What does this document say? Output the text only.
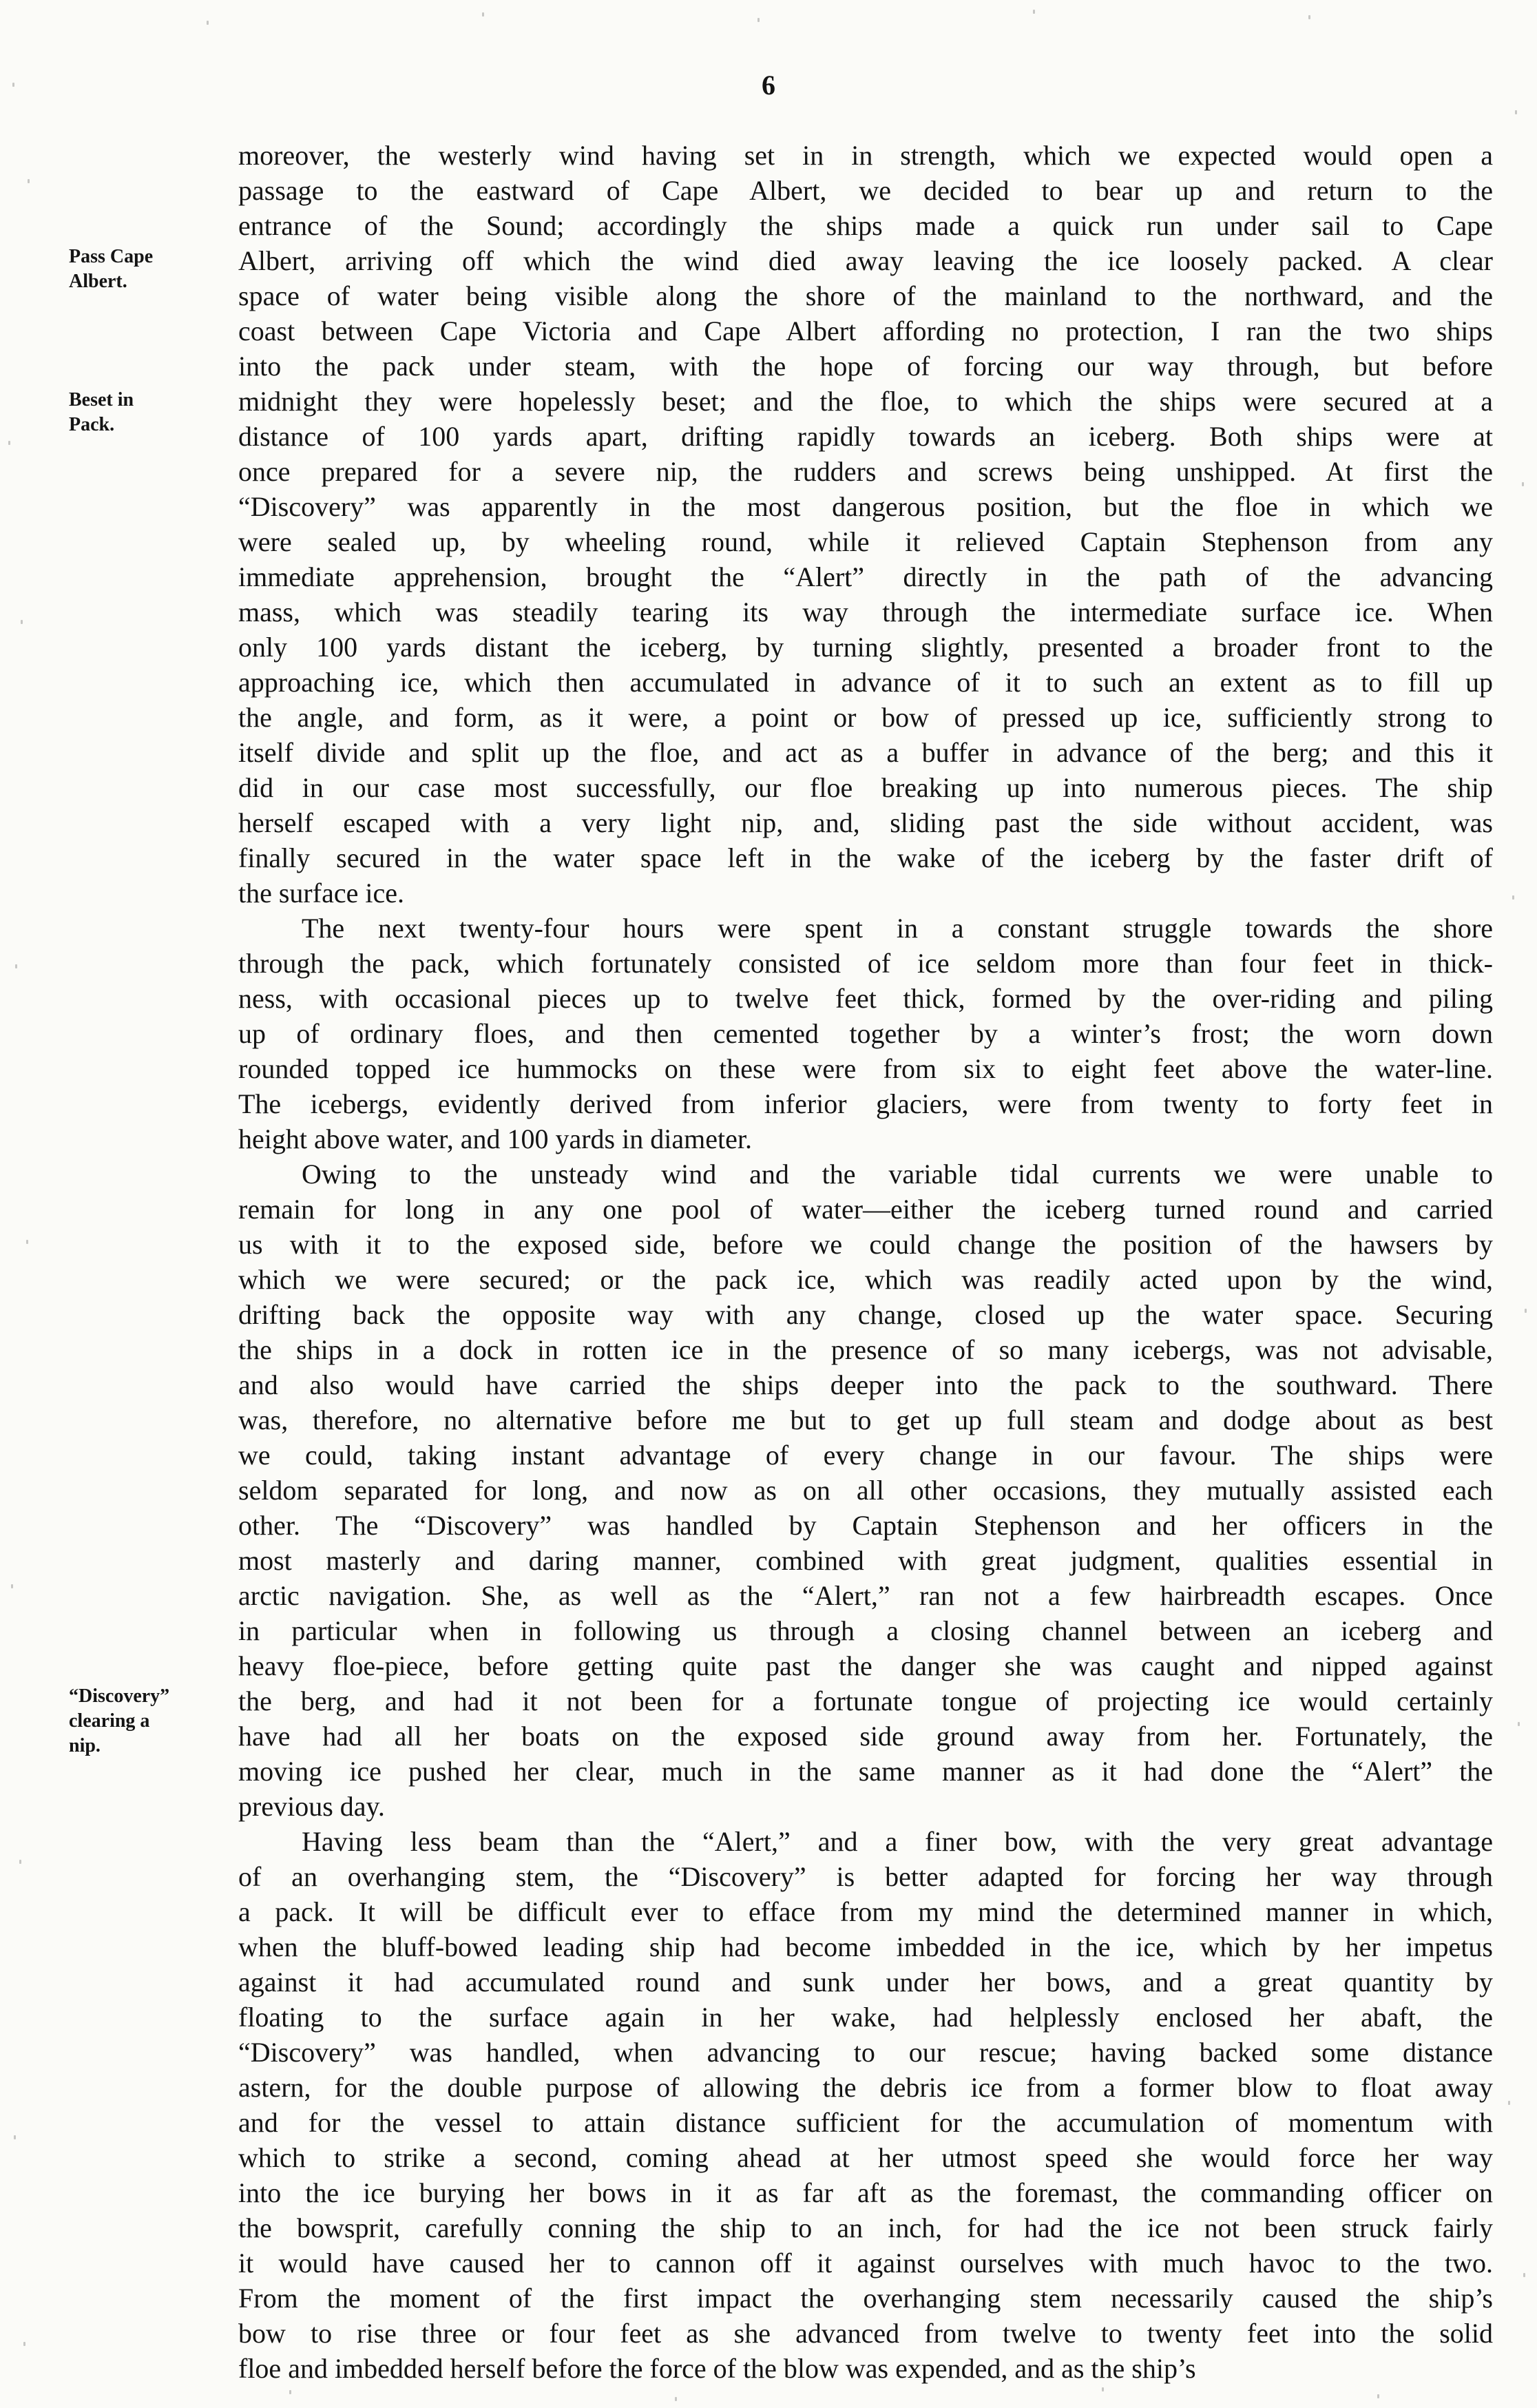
6
Pass Cape
Albert.
Beset in
Pack.
“Discovery”
clearing a
nip.
moreover, the westerly wind having set in in strength, which we expected would open a
passage to the eastward of Cape Albert, we decided to bear up and return to the
entrance of the Sound; accordingly the ships made a quick run under sail to Cape
Albert, arriving off which the wind died away leaving the ice loosely packed. A clear
space of water being visible along the shore of the mainland to the northward, and the
coast between Cape Victoria and Cape Albert affording no protection, I ran the two ships
into the pack under steam, with the hope of forcing our way through, but before
midnight they were hopelessly beset; and the floe, to which the ships were secured at a
distance of 100 yards apart, drifting rapidly towards an iceberg. Both ships were at
once prepared for a severe nip, the rudders and screws being unshipped. At first the
“Discovery” was apparently in the most dangerous position, but the floe in which we
were sealed up, by wheeling round, while it relieved Captain Stephenson from any
immediate apprehension, brought the “Alert” directly in the path of the advancing
mass, which was steadily tearing its way through the intermediate surface ice. When
only 100 yards distant the iceberg, by turning slightly, presented a broader front to the
approaching ice, which then accumulated in advance of it to such an extent as to fill up
the angle, and form, as it were, a point or bow of pressed up ice, sufficiently strong to
itself divide and split up the floe, and act as a buffer in advance of the berg; and this it
did in our case most successfully, our floe breaking up into numerous pieces. The ship
herself escaped with a very light nip, and, sliding past the side without accident, was
finally secured in the water space left in the wake of the iceberg by the faster drift of
the surface ice.
The next twenty-four hours were spent in a constant struggle towards the shore
through the pack, which fortunately consisted of ice seldom more than four feet in thick-
ness, with occasional pieces up to twelve feet thick, formed by the over-riding and piling
up of ordinary floes, and then cemented together by a winter’s frost; the worn down
rounded topped ice hummocks on these were from six to eight feet above the water-line.
The icebergs, evidently derived from inferior glaciers, were from twenty to forty feet in
height above water, and 100 yards in diameter.
Owing to the unsteady wind and the variable tidal currents we were unable to
remain for long in any one pool of water—either the iceberg turned round and carried
us with it to the exposed side, before we could change the position of the hawsers by
which we were secured; or the pack ice, which was readily acted upon by the wind,
drifting back the opposite way with any change, closed up the water space. Securing
the ships in a dock in rotten ice in the presence of so many icebergs, was not advisable,
and also would have carried the ships deeper into the pack to the southward. There
was, therefore, no alternative before me but to get up full steam and dodge about as best
we could, taking instant advantage of every change in our favour. The ships were
seldom separated for long, and now as on all other occasions, they mutually assisted each
other. The “Discovery” was handled by Captain Stephenson and her officers in the
most masterly and daring manner, combined with great judgment, qualities essential in
arctic navigation. She, as well as the “Alert,” ran not a few hairbreadth escapes. Once
in particular when in following us through a closing channel between an iceberg and
heavy floe-piece, before getting quite past the danger she was caught and nipped against
the berg, and had it not been for a fortunate tongue of projecting ice would certainly
have had all her boats on the exposed side ground away from her. Fortunately, the
moving ice pushed her clear, much in the same manner as it had done the “Alert” the
previous day.
Having less beam than the “Alert,” and a finer bow, with the very great advantage
of an overhanging stem, the “Discovery” is better adapted for forcing her way through
a pack. It will be difficult ever to efface from my mind the determined manner in which,
when the bluff-bowed leading ship had become imbedded in the ice, which by her impetus
against it had accumulated round and sunk under her bows, and a great quantity by
floating to the surface again in her wake, had helplessly enclosed her abaft, the
“Discovery” was handled, when advancing to our rescue; having backed some distance
astern, for the double purpose of allowing the debris ice from a former blow to float away
and for the vessel to attain distance sufficient for the accumulation of momentum with
which to strike a second, coming ahead at her utmost speed she would force her way
into the ice burying her bows in it as far aft as the foremast, the commanding officer on
the bowsprit, carefully conning the ship to an inch, for had the ice not been struck fairly
it would have caused her to cannon off it against ourselves with much havoc to the two.
From the moment of the first impact the overhanging stem necessarily caused the ship’s
bow to rise three or four feet as she advanced from twelve to twenty feet into the solid
floe and imbedded herself before the force of the blow was expended, and as the ship’s
